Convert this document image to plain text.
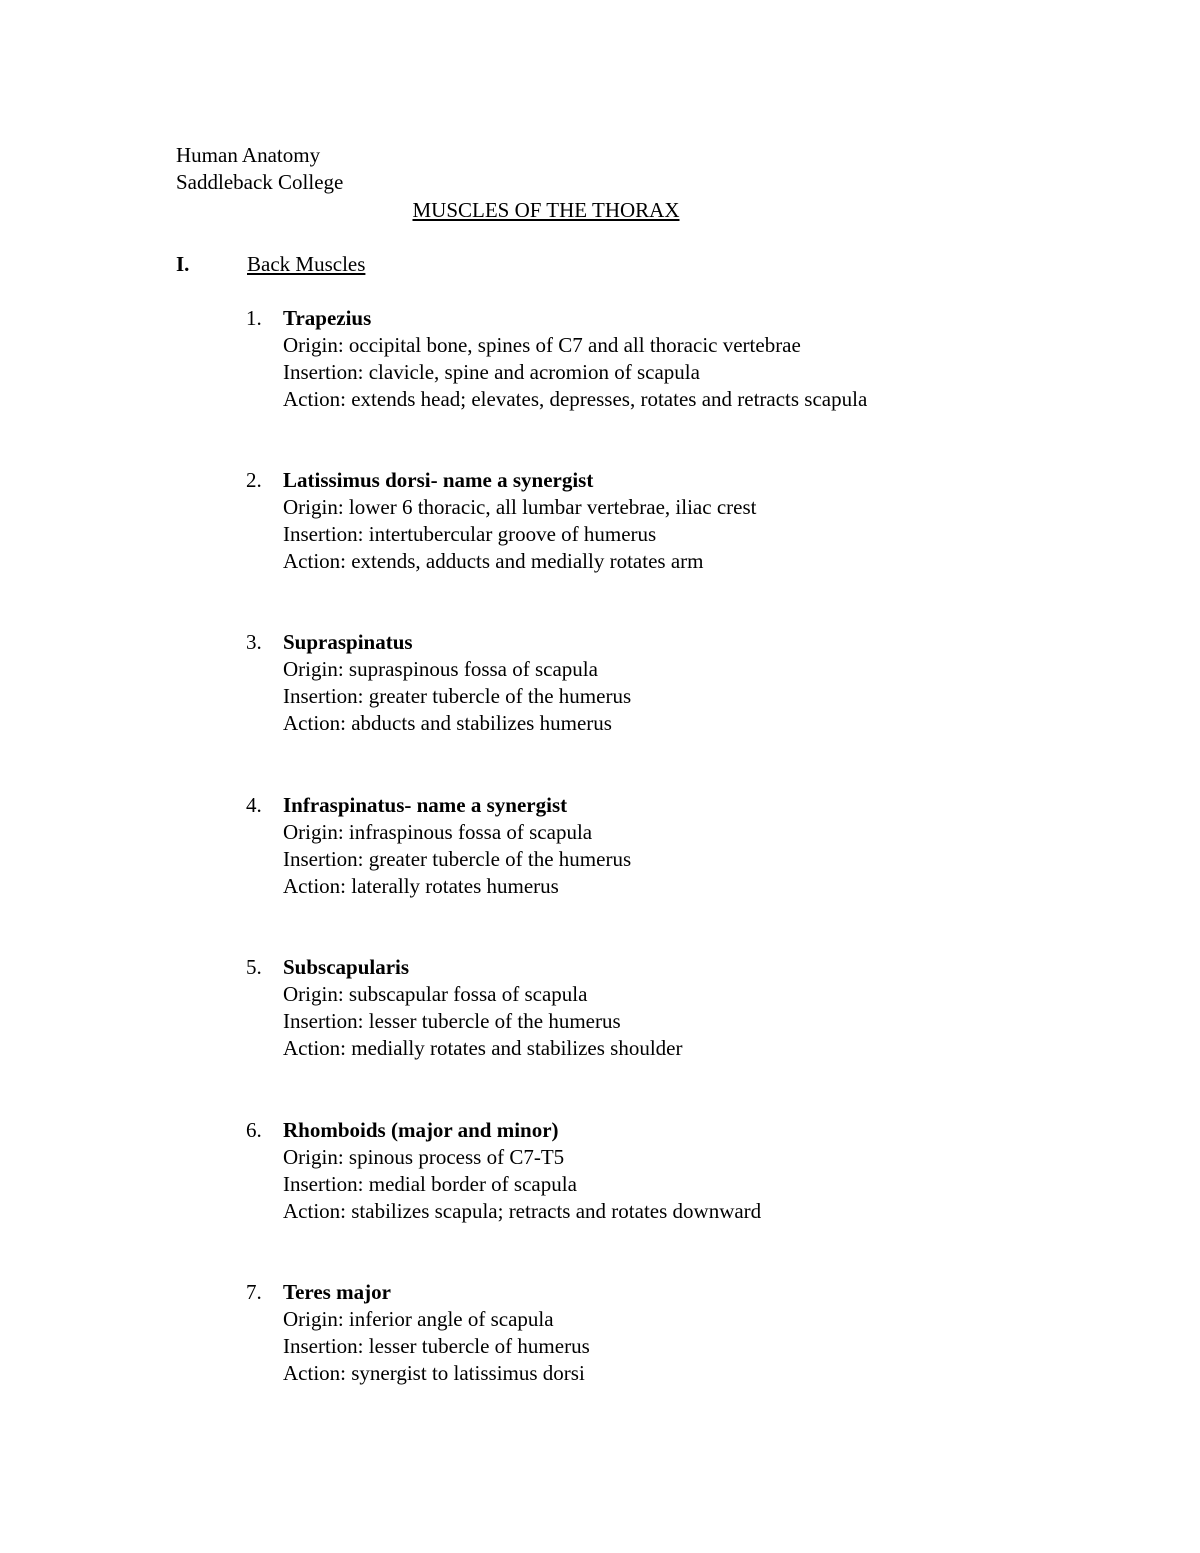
Human Anatomy
Saddleback College
MUSCLES OF THE THORAX
I.	Back Muscles
1.	Trapezius
Origin: occipital bone, spines of C7 and all thoracic vertebrae
Insertion: clavicle, spine and acromion of scapula
Action: extends head; elevates, depresses, rotates and retracts scapula
2.	Latissimus dorsi- name a synergist
Origin: lower 6 thoracic, all lumbar vertebrae, iliac crest
Insertion: intertubercular groove of humerus
Action: extends, adducts and medially rotates arm
3.	Supraspinatus
Origin: supraspinous fossa of scapula
Insertion: greater tubercle of the humerus
Action: abducts and stabilizes humerus
4.	Infraspinatus- name a synergist
Origin: infraspinous fossa of scapula
Insertion: greater tubercle of the humerus
Action: laterally rotates humerus
5.	Subscapularis
Origin: subscapular fossa of scapula
Insertion: lesser tubercle of the humerus
Action: medially rotates and stabilizes shoulder
6.	Rhomboids (major and minor)
Origin: spinous process of C7-T5
Insertion: medial border of scapula
Action: stabilizes scapula; retracts and rotates downward
7.	Teres major
Origin: inferior angle of scapula
Insertion: lesser tubercle of humerus
Action: synergist to latissimus dorsi
